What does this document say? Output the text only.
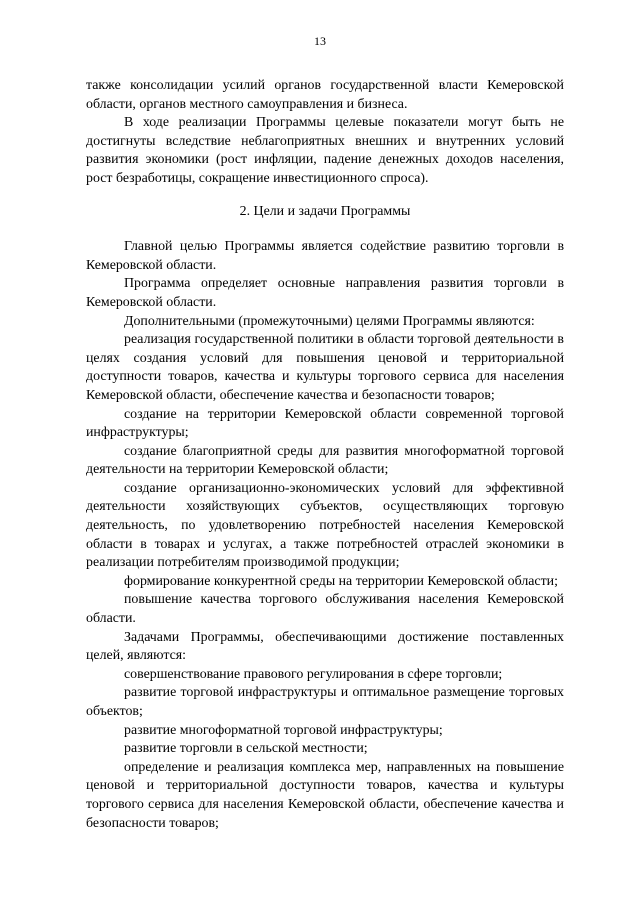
13

также консолидации усилий органов государственной власти Кемеровской области, органов местного самоуправления и бизнеса.

В ходе реализации Программы целевые показатели могут быть не достигнуты вследствие неблагоприятных внешних и внутренних условий развития экономики (рост инфляции, падение денежных доходов населения, рост безработицы, сокращение инвестиционного спроса).

2. Цели и задачи Программы

Главной целью Программы является содействие развитию торговли в Кемеровской области.

Программа определяет основные направления развития торговли в Кемеровской области.

Дополнительными (промежуточными) целями Программы являются:

реализация государственной политики в области торговой деятельности в целях создания условий для повышения ценовой и территориальной доступности товаров, качества и культуры торгового сервиса для населения Кемеровской области, обеспечение качества и безопасности товаров;

создание на территории Кемеровской области современной торговой инфраструктуры;

создание благоприятной среды для развития многоформатной торговой деятельности на территории Кемеровской области;

создание организационно-экономических условий для эффективной деятельности хозяйствующих субъектов, осуществляющих торговую деятельность, по удовлетворению потребностей населения Кемеровской области в товарах и услугах, а также потребностей отраслей экономики в реализации потребителям производимой продукции;

формирование конкурентной среды на территории Кемеровской области;

повышение качества торгового обслуживания населения Кемеровской области.

Задачами Программы, обеспечивающими достижение поставленных целей, являются:

совершенствование правового регулирования в сфере торговли;

развитие торговой инфраструктуры и оптимальное размещение торговых объектов;

развитие многоформатной торговой инфраструктуры;

развитие торговли в сельской местности;

определение и реализация комплекса мер, направленных на повышение ценовой и территориальной доступности товаров, качества и культуры торгового сервиса для населения Кемеровской области, обеспечение качества и безопасности товаров;
